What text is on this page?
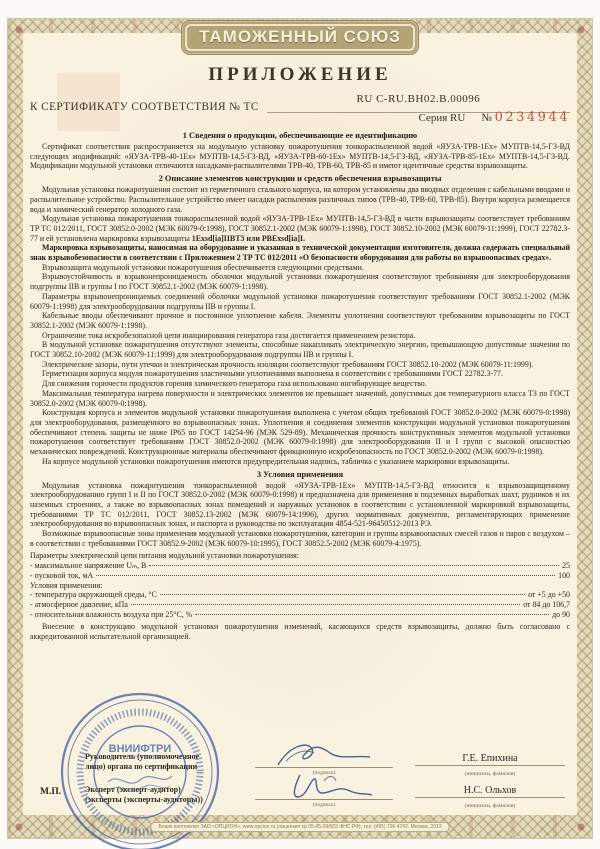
ТАМОЖЕННЫЙ СОЮЗ
ПРИЛОЖЕНИЕ
К СЕРТИФИКАТУ СООТВЕТСТВИЯ № ТС
RU C-RU.BH02.B.00096
Серия RU № 0234944
1 Сведения о продукции, обеспечивающие ее идентификацию

Сертификат соответствия распространяется на модульную установку пожаротушения тонкораспыленной водой «ЯУЗА-ТРВ-1Ех» МУПТВ-14,5-ГЗ-ВД следующих модификаций: «ЯУЗА-ТРВ-40-1Ех» МУПТВ-14,5-ГЗ-ВД, «ЯУЗА-ТРВ-60-1Ех» МУПТВ-14,5-ГЗ-ВД, «ЯУЗА-ТРВ-85-1Ех» МУПТВ-14,5-ГЗ-ВД. Модификации модульной установки отличаются насадками-распылителями ТРВ-40, ТРВ-60, ТРВ-85 и имеют идентичные средства взрывозащиты.

2 Описание элементов конструкции и средств обеспечения взрывозащиты

Модульная установка пожаротушения состоит из герметичного стального корпуса, на котором установлены два вводных отделения с кабельными вводами и распылительное устройство. Распылительное устройство имеет насадки распыления различных типов (ТРВ-40, ТРВ-60, ТРВ-85). Внутри корпуса размещается вода и химический генератор холодного газа.

Модульная установка пожаротушения тонкораспыленной водой «ЯУЗА-ТРВ-1Ех» МУПТВ-14,5-ГЗ-ВД в части взрывозащиты соответствует требованиям ТР ТС 012/2011, ГОСТ 30852.0-2002 (МЭК 60079-0:1998), ГОСТ 30852.1-2002 (МЭК 60079-1:1998), ГОСТ 30852.10-2002 (МЭК 60079-11:1999), ГОСТ 22782.3-77 и ей установлена маркировка взрывозащиты 1Exsd[ia]IIBT3 или PBExsd[ia]I.

Маркировка взрывозащиты, наносимая на оборудование и указанная в технической документации изготовителя, должна содержать специальный знак взрывобезопасности в соответствии с Приложением 2 ТР ТС 012/2011 «О безопасности оборудования для работы во взрывоопасных средах».

Взрывозащита модульной установки пожаротушения обеспечивается следующими средствами.

Взрывоустойчивость и взрывонепроницаемость оболочки модульной установки пожаротушения соответствуют требованиям для электрооборудования подгруппы IIB и группы I по ГОСТ 30852.1-2002 (МЭК 60079-1:1998).

Параметры взрывонепроницаемых соединений оболочки модульной установки пожаротушения соответствуют требованиям ГОСТ 30852.1-2002 (МЭК 60079-1:1998) для электрооборудования подгруппы IIB и группы I.

Кабельные вводы обеспечивают прочное и постоянное уплотнение кабеля. Элементы уплотнения соответствуют требованиям взрывозащиты по ГОСТ 30852.1-2002 (МЭК 60079-1:1998).

Ограничение тока искробезопасной цепи инициирования генератора газа достигается применением резистора.

В модульной установке пожаротушения отсутствуют элементы, способные накапливать электрическую энергию, превышающую допустимые значения по ГОСТ 30852.10-2002 (МЭК 60079-11:1999) для электрооборудования подгруппы IIB и группы I.

Электрические зазоры, пути утечки и электрическая прочность изоляции соответствуют требованиям ГОСТ 30852.10-2002 (МЭК 60079-11:1999).

Герметизация корпуса модуля пожаротушения эластичными уплотнениями выполнена в соответствии с требованиями ГОСТ 22782.3-77.

Для снижения горючести продуктов горения химического генератора газа использовано ингибирующее вещество.

Максимальная температура нагрева поверхности и электрических элементов не превышает значений, допустимых для температурного класса Т3 по ГОСТ 30852.0-2002 (МЭК 60079-0:1998).

Конструкция корпуса и элементов модульной установки пожаротушения выполнена с учетом общих требований ГОСТ 30852.0-2002 (МЭК 60079-0:1998) для электрооборудования, размещенного во взрывоопасных зонах. Уплотнения и соединения элементов конструкции модульной установки пожаротушения обеспечивают степень защиты не ниже IP65 по ГОСТ 14254-96 (МЭК 529-89). Механическая прочность конструктивных элементов модульной установки пожаротушения соответствует требованиям ГОСТ 30852.0-2002 (МЭК 60079-0:1998) для электрооборудования II и I групп с высокой опасностью механических повреждений. Конструкционные материалы обеспечивают фрикционную искробезопасность по ГОСТ 30852.0-2002 (МЭК 60079-0:1998).

На корпусе модульной установки пожаротушения имеются предупредительная надпись, табличка с указанием маркировки взрывозащиты.

3 Условия применения

Модульная установка пожаротушения тонкораспыленной водой «ЯУЗА-ТРВ-1Ех» МУПТВ-14,5-ГЗ-ВД относится к взрывозащищенному электрооборудованию групп I и II по ГОСТ 30852.0-2002 (МЭК 60079-0:1998) и предназначена для применения в подземных выработках шахт, рудников и их наземных строениях, а также во взрывоопасных зонах помещений и наружных установок в соответствии с установленной маркировкой взрывозащиты, требованиями ТР ТС 012/2011, ГОСТ 30852.13-2002 (МЭК 60079-14:1996), других нормативных документов, регламентирующих применение электрооборудования во взрывоопасных зонах, и паспорта и руководства по эксплуатации 4854-521-96450512-2013 РЭ.

Возможные взрывоопасные зоны применения модульной установки пожаротушения, категории и группы взрывоопасных смесей газов и паров с воздухом – в соответствии с требованиями ГОСТ 30852.9-2002 (МЭК 60079-10:1995), ГОСТ 30852.5-2002 (МЭК 60079-4:1975).

Параметры электрической цепи питания модульной установки пожаротушения:

- максимальное напряжение Uₘ, В	25
- пусковой ток, мА	100

Условия применения:

- температура окружающей среды, °С	от +5 до +50
- атмосферное давление, кПа	от 84 до 106,7
- относительная влажность воздуха при 25°С, %	до 90

Внесение в конструкцию модульной установки пожаротушения изменений, касающихся средств взрывозащиты, должно быть согласовано с аккредитованной испытательной организацией.

М.П.
Руководитель (уполномоченное
лицо) органа по сертификации
(подпись)
Г.Е. Епихина
(инициалы, фамилия)
Эксперт (эксперт-аудитор)
(эксперты (эксперты-аудиторы))
(подпись)
Н.С. Ольхов
(инициалы, фамилия)
ВНИИФТРИ
Бланк изготовлен ЗАО «ОПЦИОН», www.opcion.ru (лицензия № 05-05-09/003 ФНС РФ), тел. (495) 726 4742, Москва, 2013
